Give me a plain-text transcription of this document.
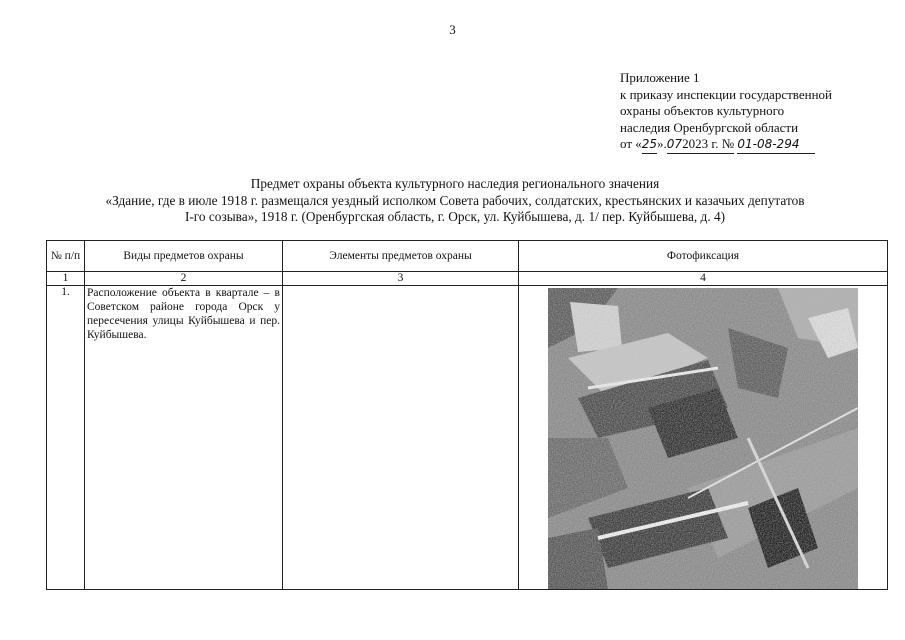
3
Приложение 1
к приказу инспекции государственной
охраны объектов культурного
наследия Оренбургской области
от «25».072023 г. № 01-08-294
Предмет охраны объекта культурного наследия регионального значения
«Здание, где в июле 1918 г. размещался уездный исполком Совета рабочих, солдатских, крестьянских и казачьих депутатов
I-го созыва», 1918 г. (Оренбургская область, г. Орск, ул. Куйбышева, д. 1/ пер. Куйбышева, д. 4)
№ п/п	Виды предметов охраны	Элементы предметов охраны	Фотофиксация
1	2	3	4
1.	Расположение объекта в квартале – в Советском районе города Орск у пересечения улицы Куйбышева и пер. Куйбышева.		
